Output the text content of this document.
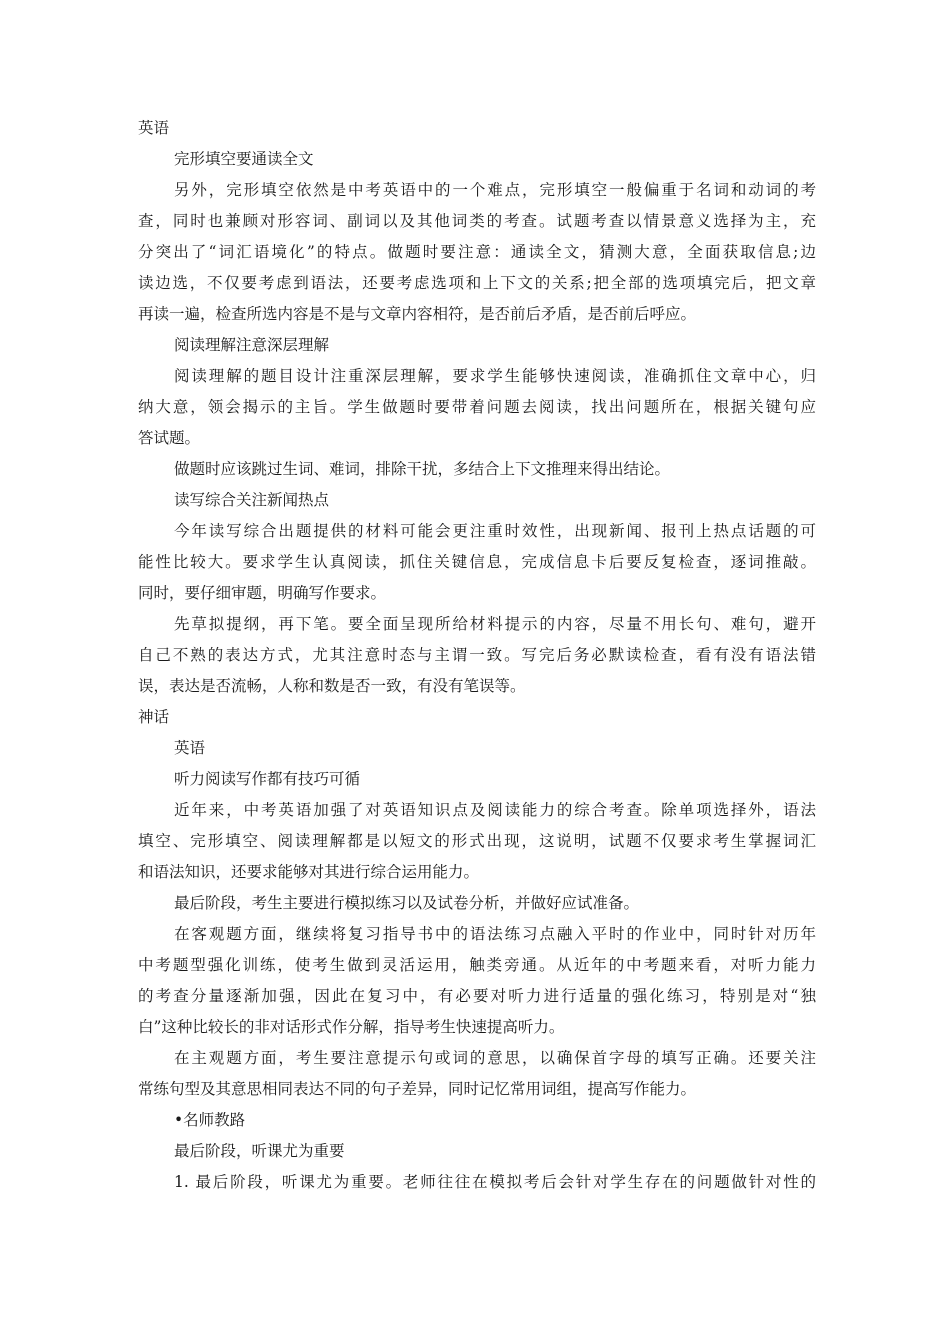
英语
完形填空要通读全文
另外，完形填空依然是中考英语中的一个难点，完形填空一般偏重于名词和动词的考
查，同时也兼顾对形容词、副词以及其他词类的考查。试题考查以情景意义选择为主，充
分突出了“词汇语境化”的特点。做题时要注意：通读全文，猜测大意，全面获取信息;边
读边选，不仅要考虑到语法，还要考虑选项和上下文的关系;把全部的选项填完后，把文章
再读一遍，检查所选内容是不是与文章内容相符，是否前后矛盾，是否前后呼应。
阅读理解注意深层理解
阅读理解的题目设计注重深层理解，要求学生能够快速阅读，准确抓住文章中心，归
纳大意，领会揭示的主旨。学生做题时要带着问题去阅读，找出问题所在，根据关键句应
答试题。
做题时应该跳过生词、难词，排除干扰，多结合上下文推理来得出结论。
读写综合关注新闻热点
今年读写综合出题提供的材料可能会更注重时效性，出现新闻、报刊上热点话题的可
能性比较大。要求学生认真阅读，抓住关键信息，完成信息卡后要反复检查，逐词推敲。
同时，要仔细审题，明确写作要求。
先草拟提纲，再下笔。要全面呈现所给材料提示的内容，尽量不用长句、难句，避开
自己不熟的表达方式，尤其注意时态与主谓一致。写完后务必默读检查，看有没有语法错
误，表达是否流畅，人称和数是否一致，有没有笔误等。
神话
英语
听力阅读写作都有技巧可循
近年来，中考英语加强了对英语知识点及阅读能力的综合考查。除单项选择外，语法
填空、完形填空、阅读理解都是以短文的形式出现，这说明，试题不仅要求考生掌握词汇
和语法知识，还要求能够对其进行综合运用能力。
最后阶段，考生主要进行模拟练习以及试卷分析，并做好应试准备。
在客观题方面，继续将复习指导书中的语法练习点融入平时的作业中，同时针对历年
中考题型强化训练，使考生做到灵活运用，触类旁通。从近年的中考题来看，对听力能力
的考查分量逐渐加强，因此在复习中，有必要对听力进行适量的强化练习，特别是对“独
白”这种比较长的非对话形式作分解，指导考生快速提高听力。
在主观题方面，考生要注意提示句或词的意思，以确保首字母的填写正确。还要关注
常练句型及其意思相同表达不同的句子差异，同时记忆常用词组，提高写作能力。
•名师教路
最后阶段，听课尤为重要
1. 最后阶段，听课尤为重要。老师往往在模拟考后会针对学生存在的问题做针对性的
